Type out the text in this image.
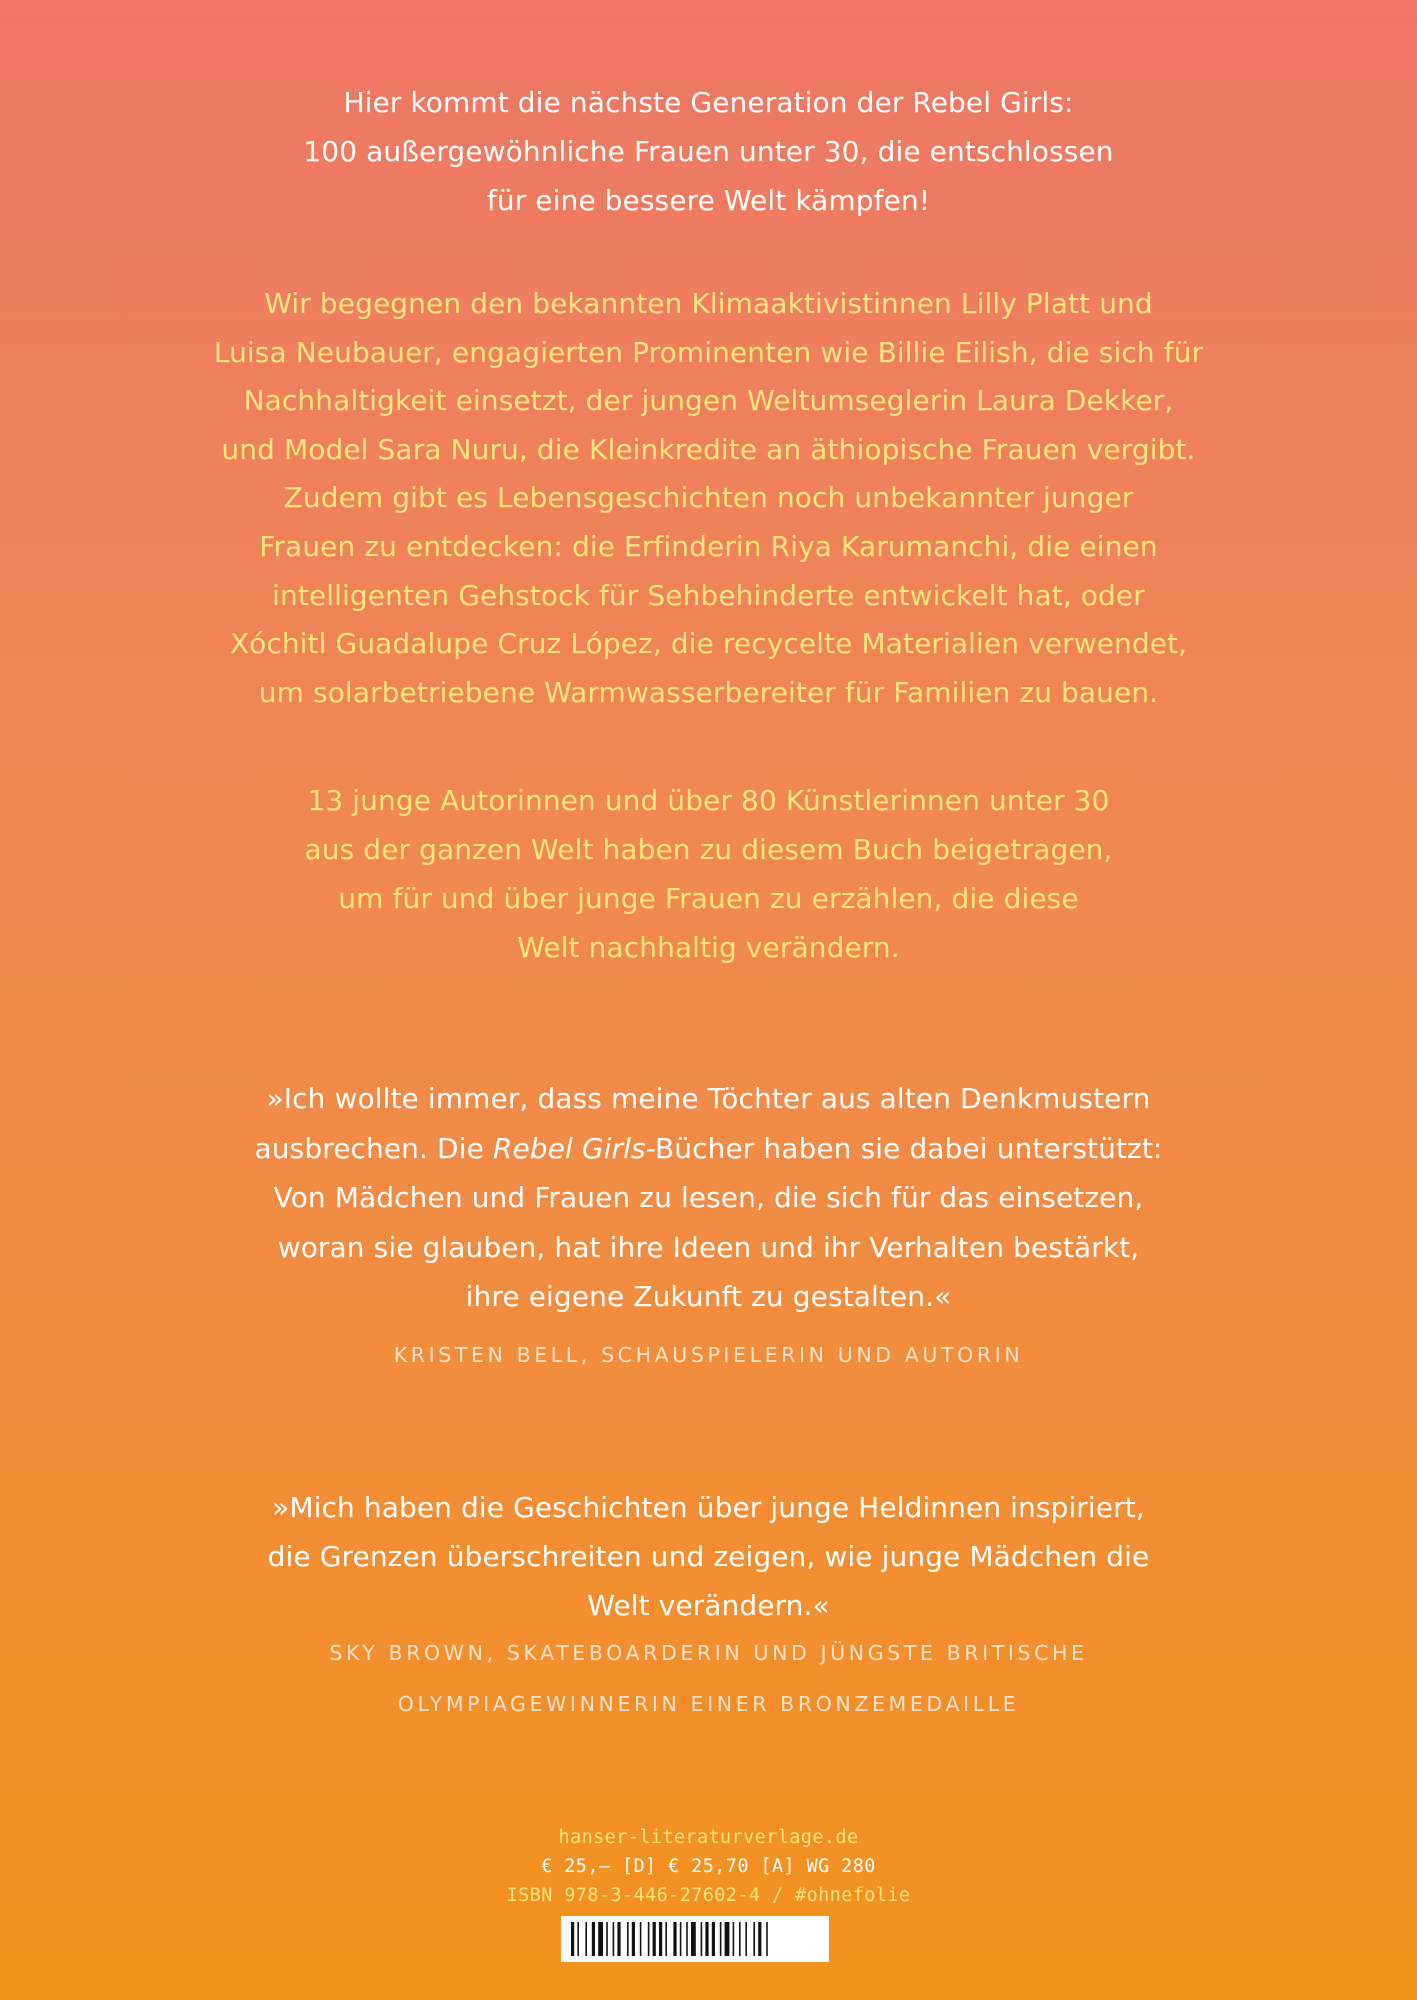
Hier kommt die nächste Generation der Rebel Girls:
100 außergewöhnliche Frauen unter 30, die entschlossen
für eine bessere Welt kämpfen!
Wir begegnen den bekannten Klimaaktivistinnen Lilly Platt und
Luisa Neubauer, engagierten Prominenten wie Billie Eilish, die sich für
Nachhaltigkeit einsetzt, der jungen Weltumseglerin Laura Dekker,
und Model Sara Nuru, die Kleinkredite an äthiopische Frauen vergibt.
Zudem gibt es Lebensgeschichten noch unbekannter junger
Frauen zu entdecken: die Erfinderin Riya Karumanchi, die einen
intelligenten Gehstock für Sehbehinderte entwickelt hat, oder
Xóchitl Guadalupe Cruz López, die recycelte Materialien verwendet,
um solarbetriebene Warmwasserbereiter für Familien zu bauen.
13 junge Autorinnen und über 80 Künstlerinnen unter 30
aus der ganzen Welt haben zu diesem Buch beigetragen,
um für und über junge Frauen zu erzählen, die diese
Welt nachhaltig verändern.
»Ich wollte immer, dass meine Töchter aus alten Denkmustern
ausbrechen. Die Rebel Girls-Bücher haben sie dabei unterstützt:
Von Mädchen und Frauen zu lesen, die sich für das einsetzen,
woran sie glauben, hat ihre Ideen und ihr Verhalten bestärkt,
ihre eigene Zukunft zu gestalten.«
KRISTEN BELL, SCHAUSPIELERIN UND AUTORIN
»Mich haben die Geschichten über junge Heldinnen inspiriert,
die Grenzen überschreiten und zeigen, wie junge Mädchen die
Welt verändern.«
SKY BROWN, SKATEBOARDERIN UND JÜNGSTE BRITISCHE
OLYMPIAGEWINNERIN EINER BRONZEMEDAILLE
hanser-literaturverlage.de
€ 25,– [D] € 25,70 [A] WG 280
ISBN 978-3-446-27602-4 / #ohnefolie
